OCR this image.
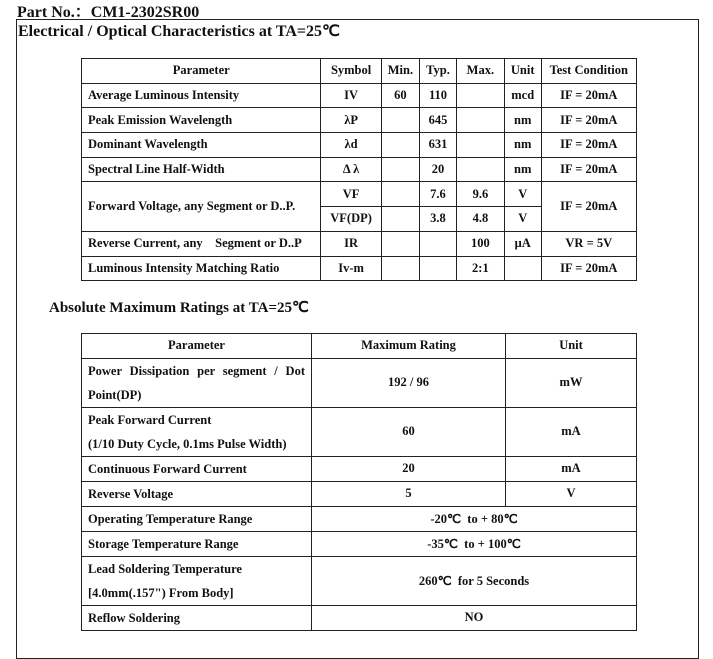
Part No.：CM1-2302SR00
Electrical / Optical Characteristics at TA=25℃
Parameter	Symbol	Min.	Typ.	Max.	Unit	Test Condition
Average Luminous Intensity	IV	60	110		mcd	IF = 20mA
Peak Emission Wavelength	λP		645		nm	IF = 20mA
Dominant Wavelength	λd		631		nm	IF = 20mA
Spectral Line Half-Width	Δ λ		20		nm	IF = 20mA
Forward Voltage, any Segment or D..P.	VF		7.6	9.6	V	IF = 20mA
	VF(DP)		3.8	4.8	V	
Reverse Current, any    Segment or D..P	IR			100	μA	VR = 5V
Luminous Intensity Matching Ratio	Iv-m			2:1		IF = 20mA
Absolute Maximum Ratings at TA=25℃
Parameter	Maximum Rating	Unit

Power Dissipation per segment / Dot
Point(DP)	192 / 96	mW

Peak Forward Current
(1/10 Duty Cycle, 0.1ms Pulse Width)	60	mA
Continuous Forward Current	20	mA
Reverse Voltage	5	V
Operating Temperature Range	-20℃  to + 80℃	
Storage Temperature Range	-35℃  to + 100℃	

Lead Soldering Temperature
[4.0mm(.157") From Body]	260℃  for 5 Seconds	
Reflow Soldering	NO	
